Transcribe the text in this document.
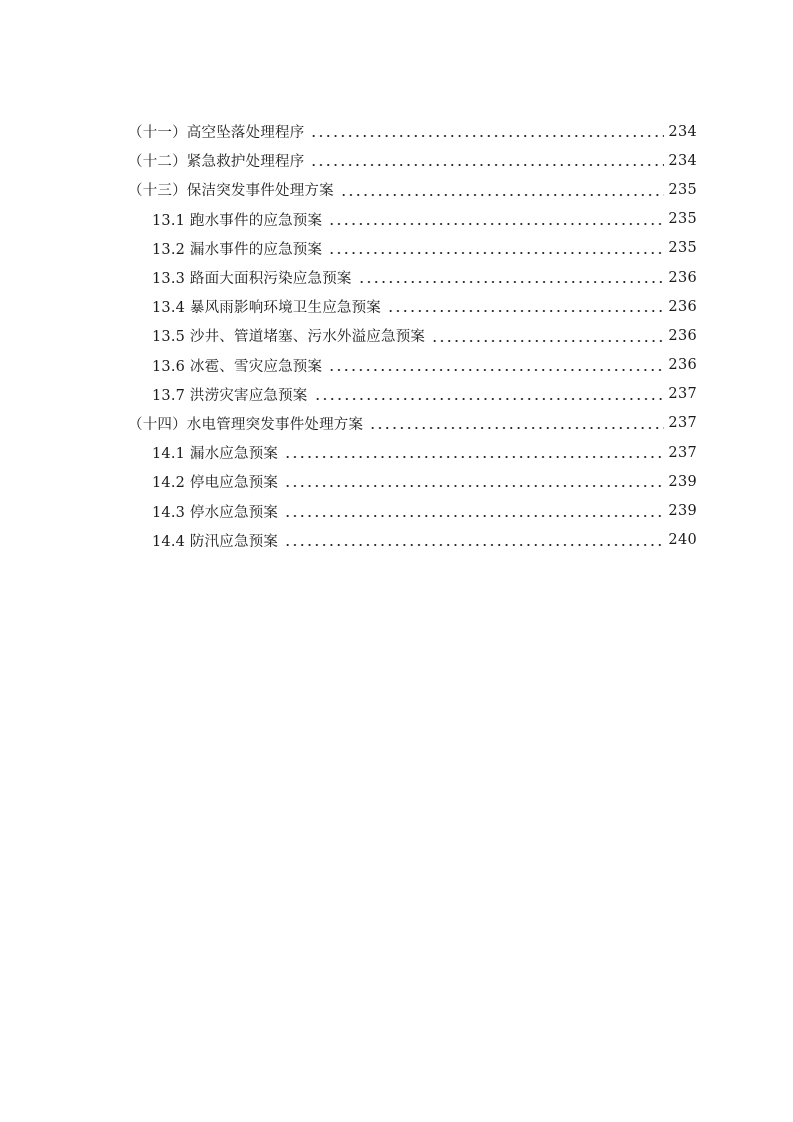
（十一）高空坠落处理程序	234
（十二）紧急救护处理程序	234
（十三）保洁突发事件处理方案	235
13.1 跑水事件的应急预案	235
13.2 漏水事件的应急预案	235
13.3 路面大面积污染应急预案	236
13.4 暴风雨影响环境卫生应急预案	236
13.5 沙井、管道堵塞、污水外溢应急预案	236
13.6 冰雹、雪灾应急预案	236
13.7 洪涝灾害应急预案	237
（十四）水电管理突发事件处理方案	237
14.1 漏水应急预案	237
14.2 停电应急预案	239
14.3 停水应急预案	239
14.4 防汛应急预案	240
